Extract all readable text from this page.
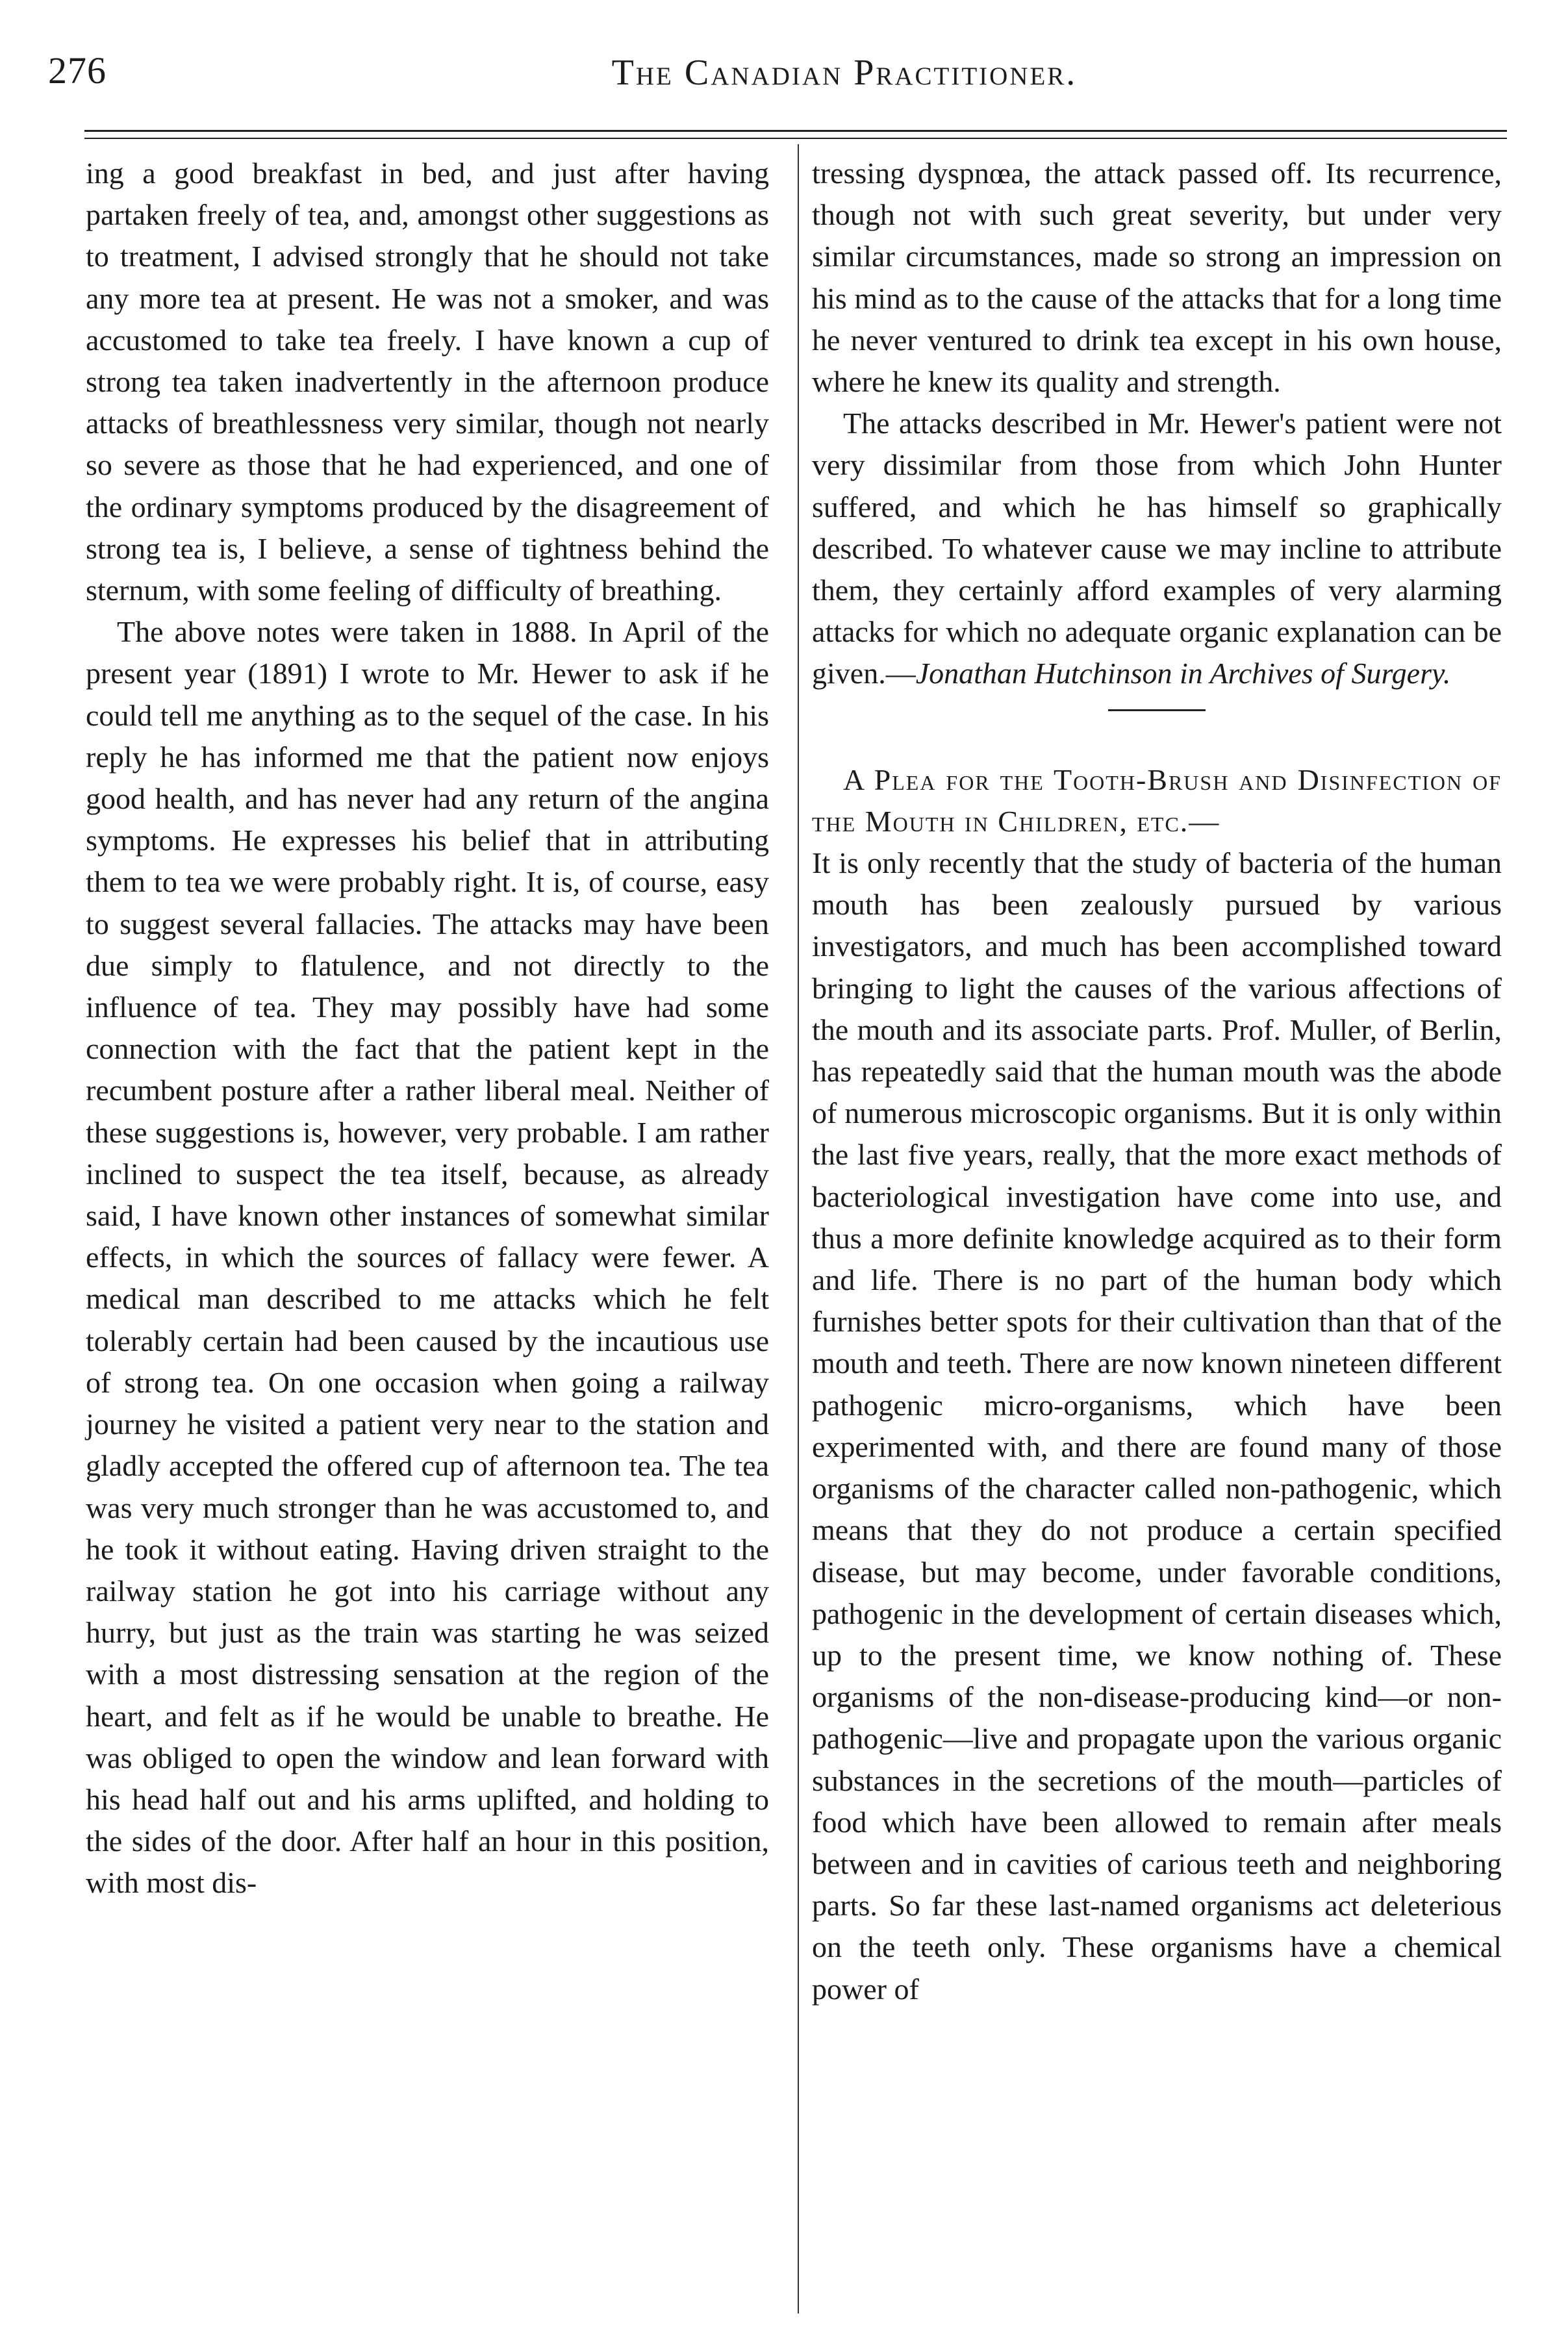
276	The Canadian Practitioner.

ing a good breakfast in bed, and just after having partaken freely of tea, and, amongst other suggestions as to treatment, I advised strongly that he should not take any more tea at present. He was not a smoker, and was accustomed to take tea freely. I have known a cup of strong tea taken inadvertently in the afternoon produce attacks of breathlessness very similar, though not nearly so severe as those that he had experienced, and one of the ordinary symptoms produced by the disagreement of strong tea is, I believe, a sense of tightness behind the sternum, with some feeling of difficulty of breathing.

The above notes were taken in 1888. In April of the present year (1891) I wrote to Mr. Hewer to ask if he could tell me anything as to the sequel of the case. In his reply he has informed me that the patient now enjoys good health, and has never had any return of the angina symptoms. He expresses his belief that in attributing them to tea we were probably right. It is, of course, easy to suggest several fallacies. The attacks may have been due simply to flatulence, and not directly to the influence of tea. They may possibly have had some connection with the fact that the patient kept in the recumbent posture after a rather liberal meal. Neither of these suggestions is, however, very probable. I am rather inclined to suspect the tea itself, because, as already said, I have known other instances of somewhat similar effects, in which the sources of fallacy were fewer. A medical man described to me attacks which he felt tolerably certain had been caused by the incautious use of strong tea. On one occasion when going a railway journey he visited a patient very near to the station and gladly accepted the offered cup of afternoon tea. The tea was very much stronger than he was accustomed to, and he took it without eating. Having driven straight to the railway station he got into his carriage without any hurry, but just as the train was starting he was seized with a most distressing sensation at the region of the heart, and felt as if he would be unable to breathe. He was obliged to open the window and lean forward with his head half out and his arms uplifted, and holding to the sides of the door. After half an hour in this position, with most dis-

tressing dyspnœa, the attack passed off. Its recurrence, though not with such great severity, but under very similar circumstances, made so strong an impression on his mind as to the cause of the attacks that for a long time he never ventured to drink tea except in his own house, where he knew its quality and strength.

The attacks described in Mr. Hewer's patient were not very dissimilar from those from which John Hunter suffered, and which he has himself so graphically described. To whatever cause we may incline to attribute them, they certainly afford examples of very alarming attacks for which no adequate organic explanation can be given.—Jonathan Hutchinson in Archives of Surgery.

A Plea for the Tooth-Brush and Disinfection of the Mouth in Children, etc.—

It is only recently that the study of bacteria of the human mouth has been zealously pursued by various investigators, and much has been accomplished toward bringing to light the causes of the various affections of the mouth and its associate parts. Prof. Muller, of Berlin, has repeatedly said that the human mouth was the abode of numerous microscopic organisms. But it is only within the last five years, really, that the more exact methods of bacteriological investigation have come into use, and thus a more definite knowledge acquired as to their form and life. There is no part of the human body which furnishes better spots for their cultivation than that of the mouth and teeth. There are now known nineteen different pathogenic micro-organisms, which have been experimented with, and there are found many of those organisms of the character called non-pathogenic, which means that they do not produce a certain specified disease, but may become, under favorable conditions, pathogenic in the development of certain diseases which, up to the present time, we know nothing of. These organisms of the non-disease-producing kind—or non-pathogenic—live and propagate upon the various organic substances in the secretions of the mouth—particles of food which have been allowed to remain after meals between and in cavities of carious teeth and neighboring parts. So far these last-named organisms act deleterious on the teeth only. These organisms have a chemical power of
